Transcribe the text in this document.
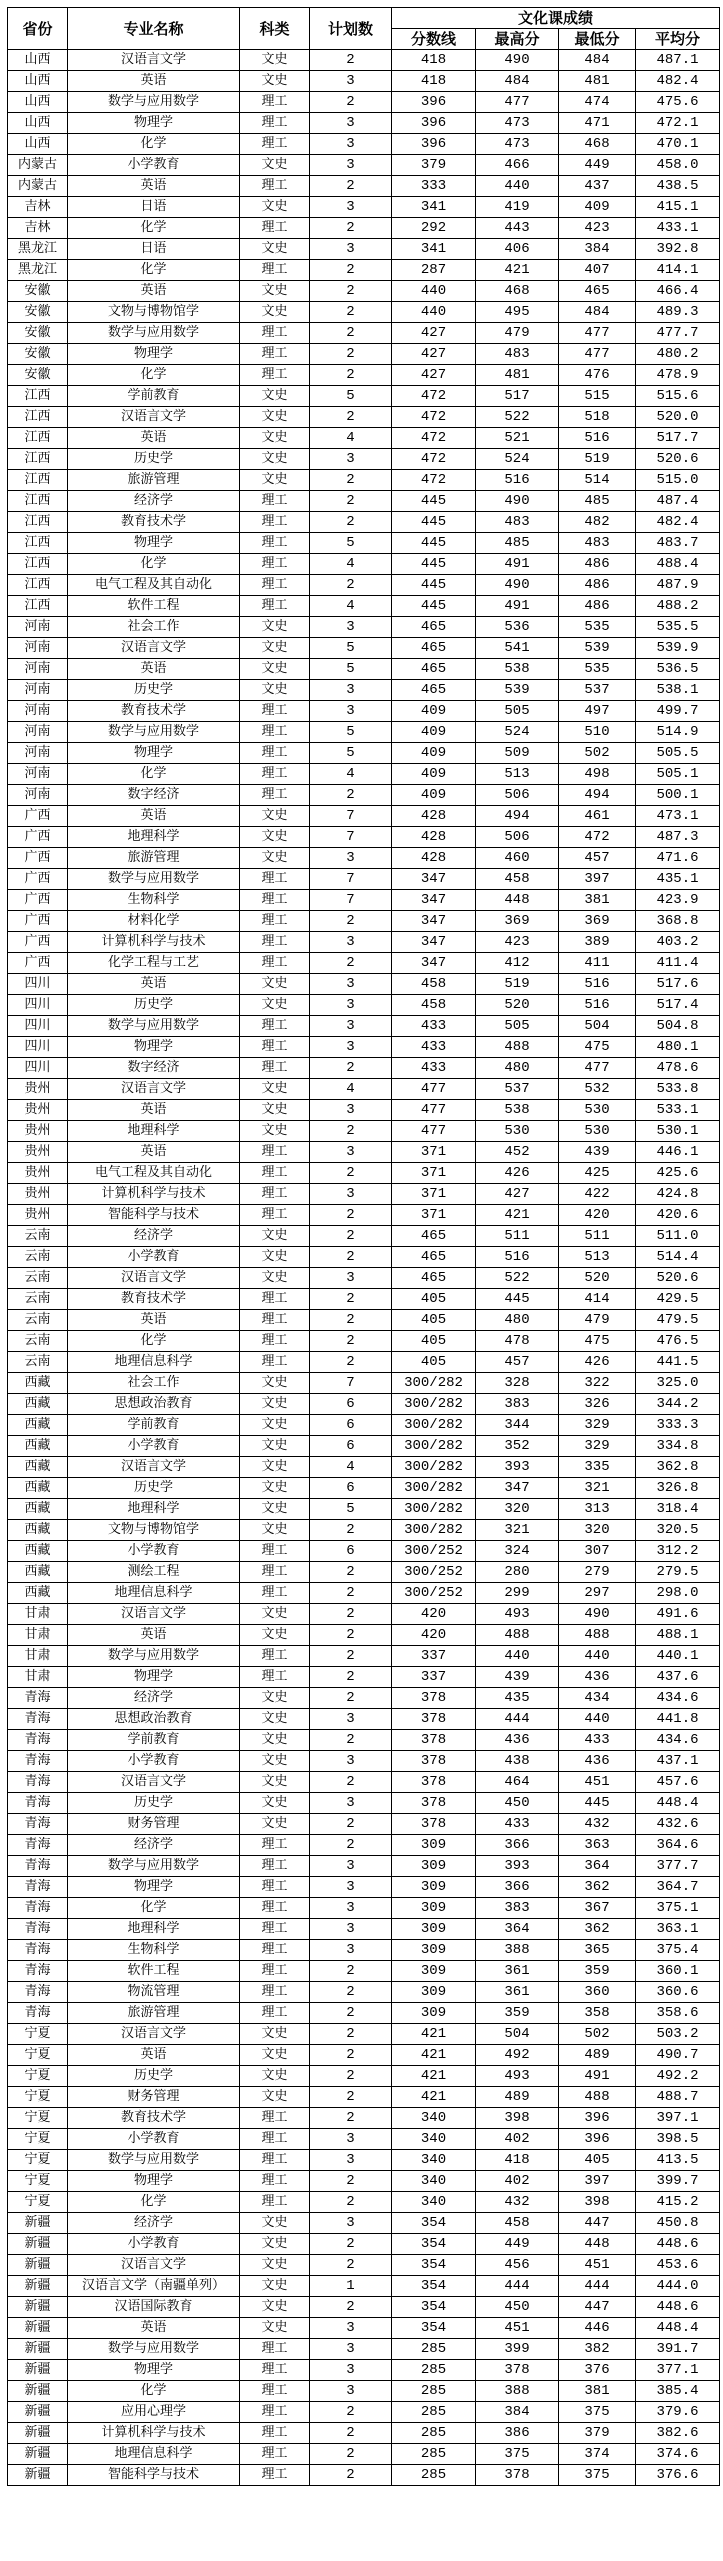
省份	专业名称	科类	计划数	文化课成绩			
				分数线	最高分	最低分	平均分
山西	汉语言文学	文史	2	418	490	484	487.1
山西	英语	文史	3	418	484	481	482.4
山西	数学与应用数学	理工	2	396	477	474	475.6
山西	物理学	理工	3	396	473	471	472.1
山西	化学	理工	3	396	473	468	470.1
内蒙古	小学教育	文史	3	379	466	449	458.0
内蒙古	英语	理工	2	333	440	437	438.5
吉林	日语	文史	3	341	419	409	415.1
吉林	化学	理工	2	292	443	423	433.1
黑龙江	日语	文史	3	341	406	384	392.8
黑龙江	化学	理工	2	287	421	407	414.1
安徽	英语	文史	2	440	468	465	466.4
安徽	文物与博物馆学	文史	2	440	495	484	489.3
安徽	数学与应用数学	理工	2	427	479	477	477.7
安徽	物理学	理工	2	427	483	477	480.2
安徽	化学	理工	2	427	481	476	478.9
江西	学前教育	文史	5	472	517	515	515.6
江西	汉语言文学	文史	2	472	522	518	520.0
江西	英语	文史	4	472	521	516	517.7
江西	历史学	文史	3	472	524	519	520.6
江西	旅游管理	文史	2	472	516	514	515.0
江西	经济学	理工	2	445	490	485	487.4
江西	教育技术学	理工	2	445	483	482	482.4
江西	物理学	理工	5	445	485	483	483.7
江西	化学	理工	4	445	491	486	488.4
江西	电气工程及其自动化	理工	2	445	490	486	487.9
江西	软件工程	理工	4	445	491	486	488.2
河南	社会工作	文史	3	465	536	535	535.5
河南	汉语言文学	文史	5	465	541	539	539.9
河南	英语	文史	5	465	538	535	536.5
河南	历史学	文史	3	465	539	537	538.1
河南	教育技术学	理工	3	409	505	497	499.7
河南	数学与应用数学	理工	5	409	524	510	514.9
河南	物理学	理工	5	409	509	502	505.5
河南	化学	理工	4	409	513	498	505.1
河南	数字经济	理工	2	409	506	494	500.1
广西	英语	文史	7	428	494	461	473.1
广西	地理科学	文史	7	428	506	472	487.3
广西	旅游管理	文史	3	428	460	457	471.6
广西	数学与应用数学	理工	7	347	458	397	435.1
广西	生物科学	理工	7	347	448	381	423.9
广西	材料化学	理工	2	347	369	369	368.8
广西	计算机科学与技术	理工	3	347	423	389	403.2
广西	化学工程与工艺	理工	2	347	412	411	411.4
四川	英语	文史	3	458	519	516	517.6
四川	历史学	文史	3	458	520	516	517.4
四川	数学与应用数学	理工	3	433	505	504	504.8
四川	物理学	理工	3	433	488	475	480.1
四川	数字经济	理工	2	433	480	477	478.6
贵州	汉语言文学	文史	4	477	537	532	533.8
贵州	英语	文史	3	477	538	530	533.1
贵州	地理科学	文史	2	477	530	530	530.1
贵州	英语	理工	3	371	452	439	446.1
贵州	电气工程及其自动化	理工	2	371	426	425	425.6
贵州	计算机科学与技术	理工	3	371	427	422	424.8
贵州	智能科学与技术	理工	2	371	421	420	420.6
云南	经济学	文史	2	465	511	511	511.0
云南	小学教育	文史	2	465	516	513	514.4
云南	汉语言文学	文史	3	465	522	520	520.6
云南	教育技术学	理工	2	405	445	414	429.5
云南	英语	理工	2	405	480	479	479.5
云南	化学	理工	2	405	478	475	476.5
云南	地理信息科学	理工	2	405	457	426	441.5
西藏	社会工作	文史	7	300/282	328	322	325.0
西藏	思想政治教育	文史	6	300/282	383	326	344.2
西藏	学前教育	文史	6	300/282	344	329	333.3
西藏	小学教育	文史	6	300/282	352	329	334.8
西藏	汉语言文学	文史	4	300/282	393	335	362.8
西藏	历史学	文史	6	300/282	347	321	326.8
西藏	地理科学	文史	5	300/282	320	313	318.4
西藏	文物与博物馆学	文史	2	300/282	321	320	320.5
西藏	小学教育	理工	6	300/252	324	307	312.2
西藏	测绘工程	理工	2	300/252	280	279	279.5
西藏	地理信息科学	理工	2	300/252	299	297	298.0
甘肃	汉语言文学	文史	2	420	493	490	491.6
甘肃	英语	文史	2	420	488	488	488.1
甘肃	数学与应用数学	理工	2	337	440	440	440.1
甘肃	物理学	理工	2	337	439	436	437.6
青海	经济学	文史	2	378	435	434	434.6
青海	思想政治教育	文史	3	378	444	440	441.8
青海	学前教育	文史	2	378	436	433	434.6
青海	小学教育	文史	3	378	438	436	437.1
青海	汉语言文学	文史	2	378	464	451	457.6
青海	历史学	文史	3	378	450	445	448.4
青海	财务管理	文史	2	378	433	432	432.6
青海	经济学	理工	2	309	366	363	364.6
青海	数学与应用数学	理工	3	309	393	364	377.7
青海	物理学	理工	3	309	366	362	364.7
青海	化学	理工	3	309	383	367	375.1
青海	地理科学	理工	3	309	364	362	363.1
青海	生物科学	理工	3	309	388	365	375.4
青海	软件工程	理工	2	309	361	359	360.1
青海	物流管理	理工	2	309	361	360	360.6
青海	旅游管理	理工	2	309	359	358	358.6
宁夏	汉语言文学	文史	2	421	504	502	503.2
宁夏	英语	文史	2	421	492	489	490.7
宁夏	历史学	文史	2	421	493	491	492.2
宁夏	财务管理	文史	2	421	489	488	488.7
宁夏	教育技术学	理工	2	340	398	396	397.1
宁夏	小学教育	理工	3	340	402	396	398.5
宁夏	数学与应用数学	理工	3	340	418	405	413.5
宁夏	物理学	理工	2	340	402	397	399.7
宁夏	化学	理工	2	340	432	398	415.2
新疆	经济学	文史	3	354	458	447	450.8
新疆	小学教育	文史	2	354	449	448	448.6
新疆	汉语言文学	文史	2	354	456	451	453.6
新疆	汉语言文学（南疆单列）	文史	1	354	444	444	444.0
新疆	汉语国际教育	文史	2	354	450	447	448.6
新疆	英语	文史	3	354	451	446	448.4
新疆	数学与应用数学	理工	3	285	399	382	391.7
新疆	物理学	理工	3	285	378	376	377.1
新疆	化学	理工	3	285	388	381	385.4
新疆	应用心理学	理工	2	285	384	375	379.6
新疆	计算机科学与技术	理工	2	285	386	379	382.6
新疆	地理信息科学	理工	2	285	375	374	374.6
新疆	智能科学与技术	理工	2	285	378	375	376.6
